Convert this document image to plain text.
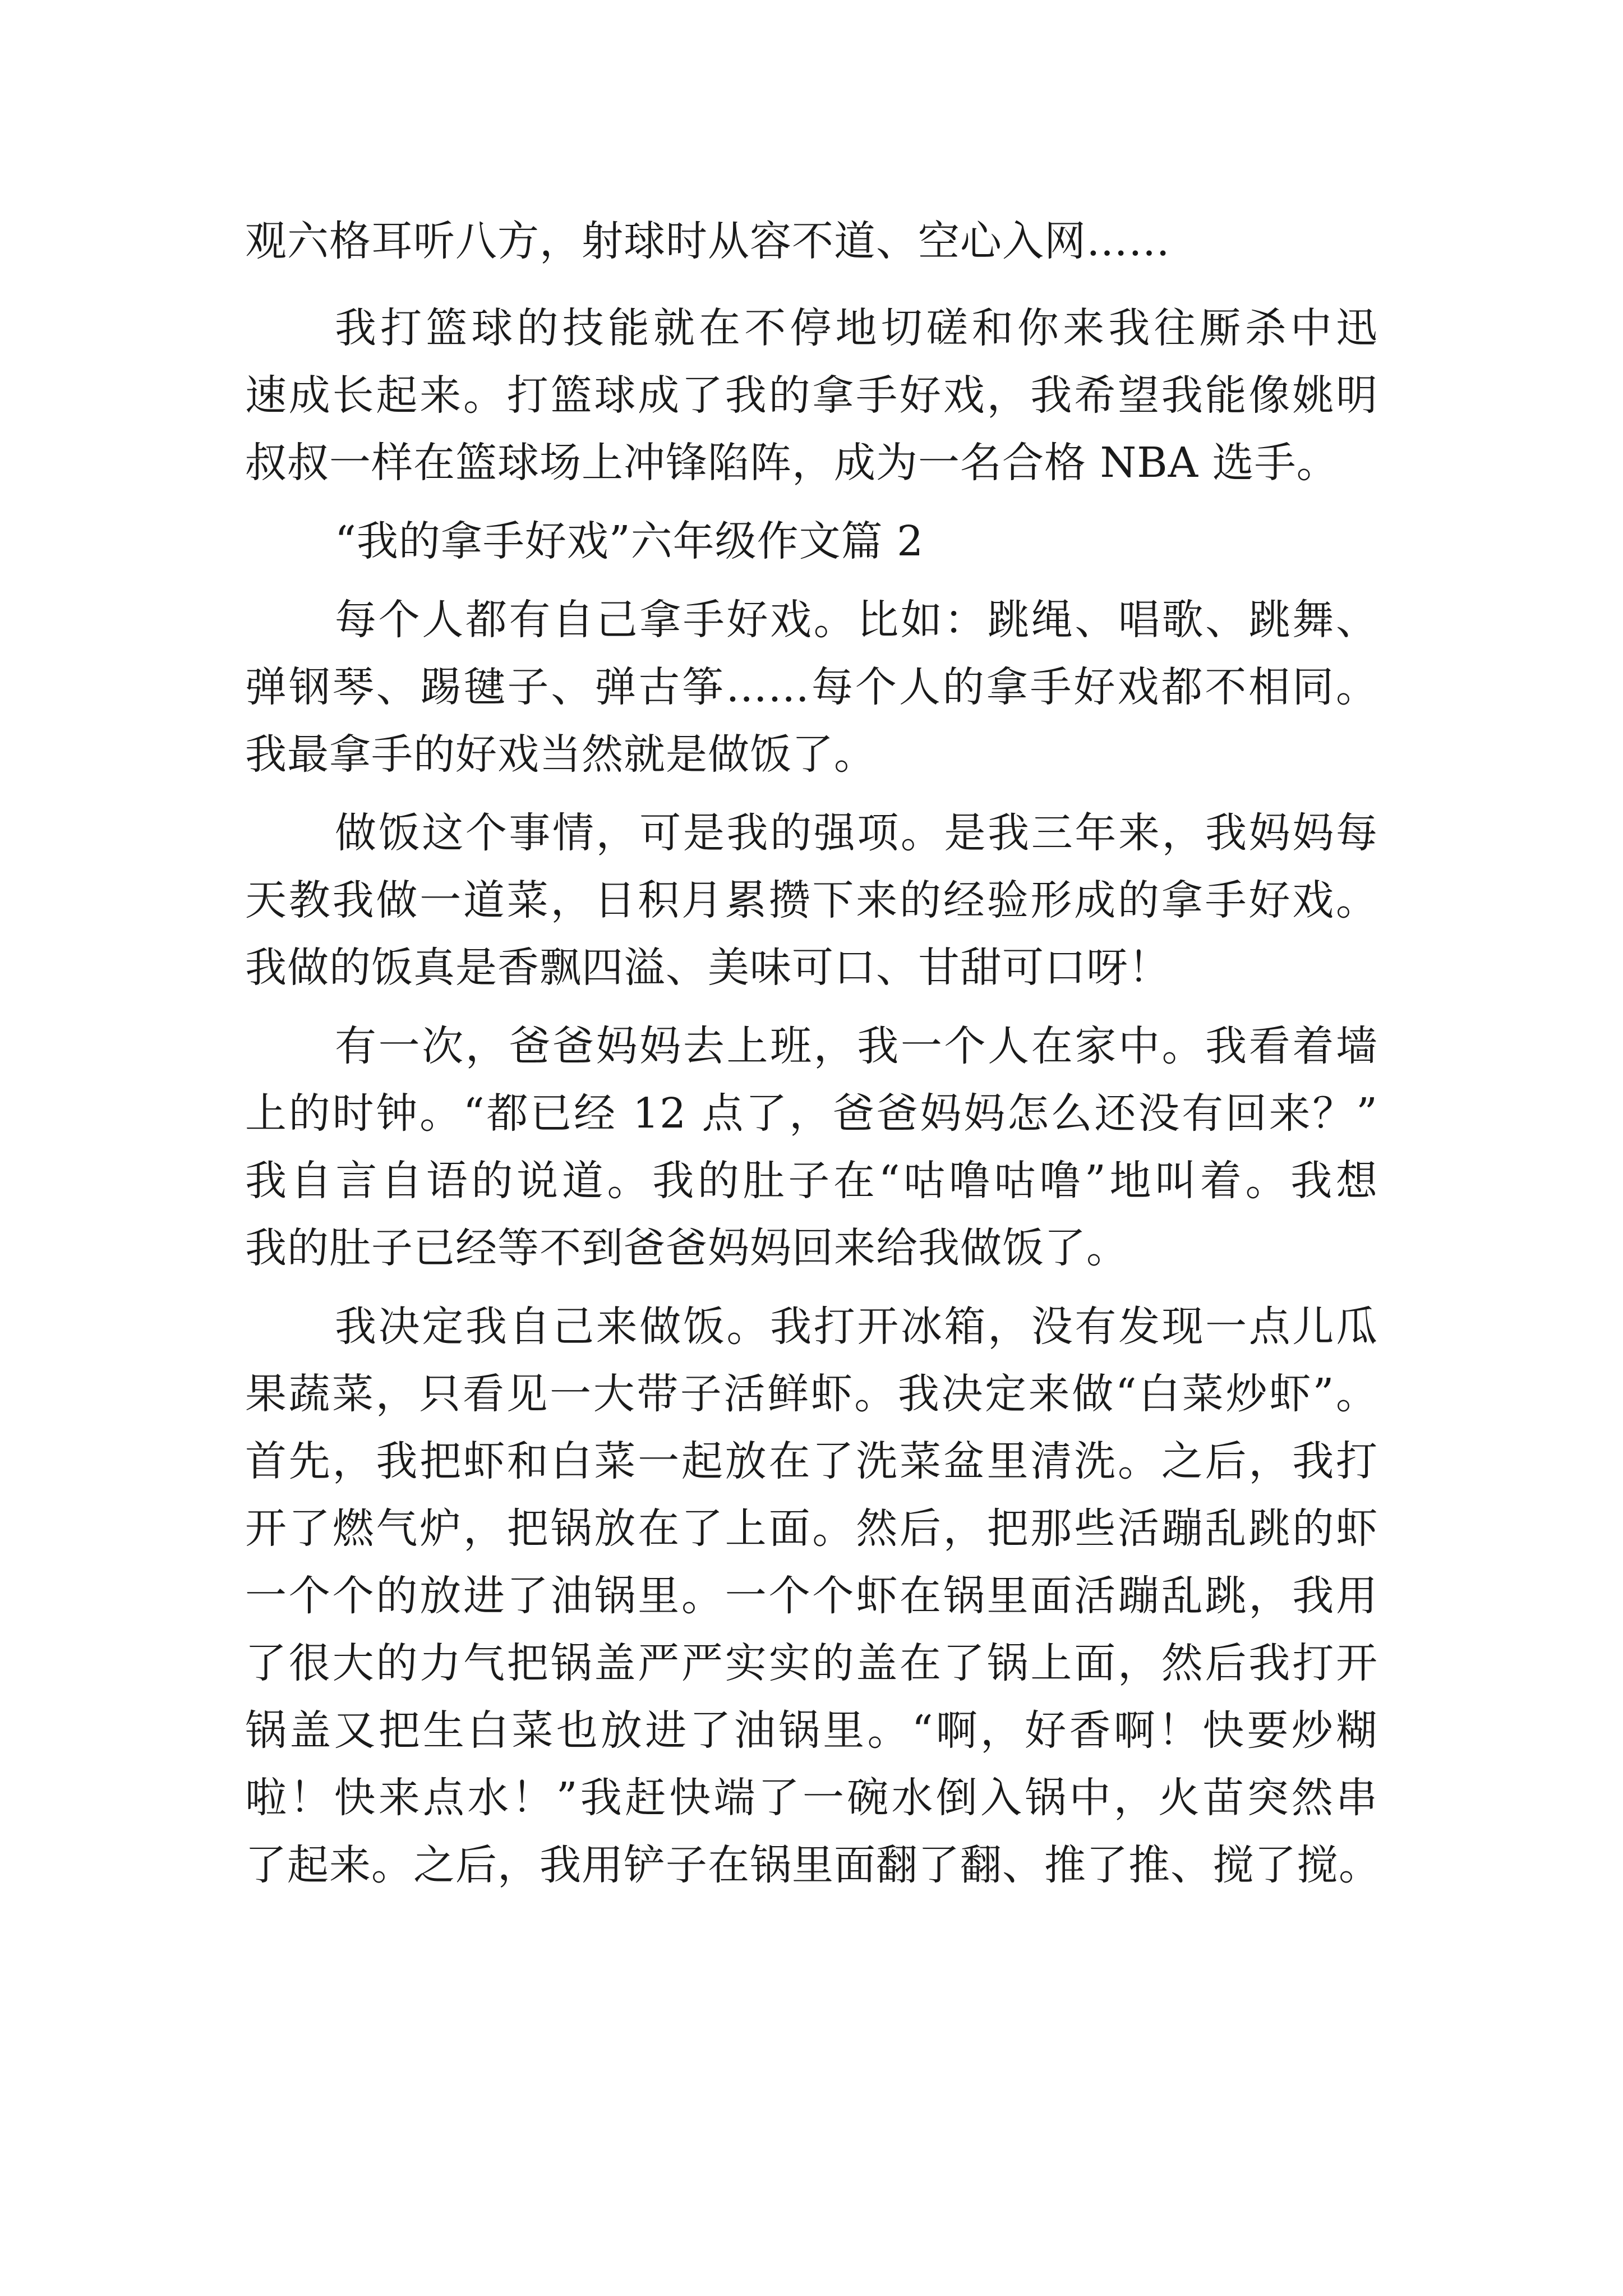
观六格耳听八方，射球时从容不道、空心入网……
我打篮球的技能就在不停地切磋和你来我往厮杀中迅
速成长起来。打篮球成了我的拿手好戏，我希望我能像姚明
叔叔一样在篮球场上冲锋陷阵，成为一名合格 NBA 选手。
“我的拿手好戏”六年级作文篇 2
每个人都有自己拿手好戏。比如：跳绳、唱歌、跳舞、
弹钢琴、踢毽子、弹古筝……每个人的拿手好戏都不相同。
我最拿手的好戏当然就是做饭了。
做饭这个事情，可是我的强项。是我三年来，我妈妈每
天教我做一道菜，日积月累攒下来的经验形成的拿手好戏。
我做的饭真是香飘四溢、美味可口、甘甜可口呀！
有一次，爸爸妈妈去上班，我一个人在家中。我看着墙
上的时钟。“都已经 12 点了，爸爸妈妈怎么还没有回来？”
我自言自语的说道。我的肚子在“咕噜咕噜”地叫着。我想
我的肚子已经等不到爸爸妈妈回来给我做饭了。
我决定我自己来做饭。我打开冰箱，没有发现一点儿瓜
果蔬菜，只看见一大带子活鲜虾。我决定来做“白菜炒虾”。
首先，我把虾和白菜一起放在了洗菜盆里清洗。之后，我打
开了燃气炉，把锅放在了上面。然后，把那些活蹦乱跳的虾
一个个的放进了油锅里。一个个虾在锅里面活蹦乱跳，我用
了很大的力气把锅盖严严实实的盖在了锅上面，然后我打开
锅盖又把生白菜也放进了油锅里。“啊，好香啊！快要炒糊
啦！快来点水！”我赶快端了一碗水倒入锅中，火苗突然串
了起来。之后，我用铲子在锅里面翻了翻、推了推、搅了搅。
